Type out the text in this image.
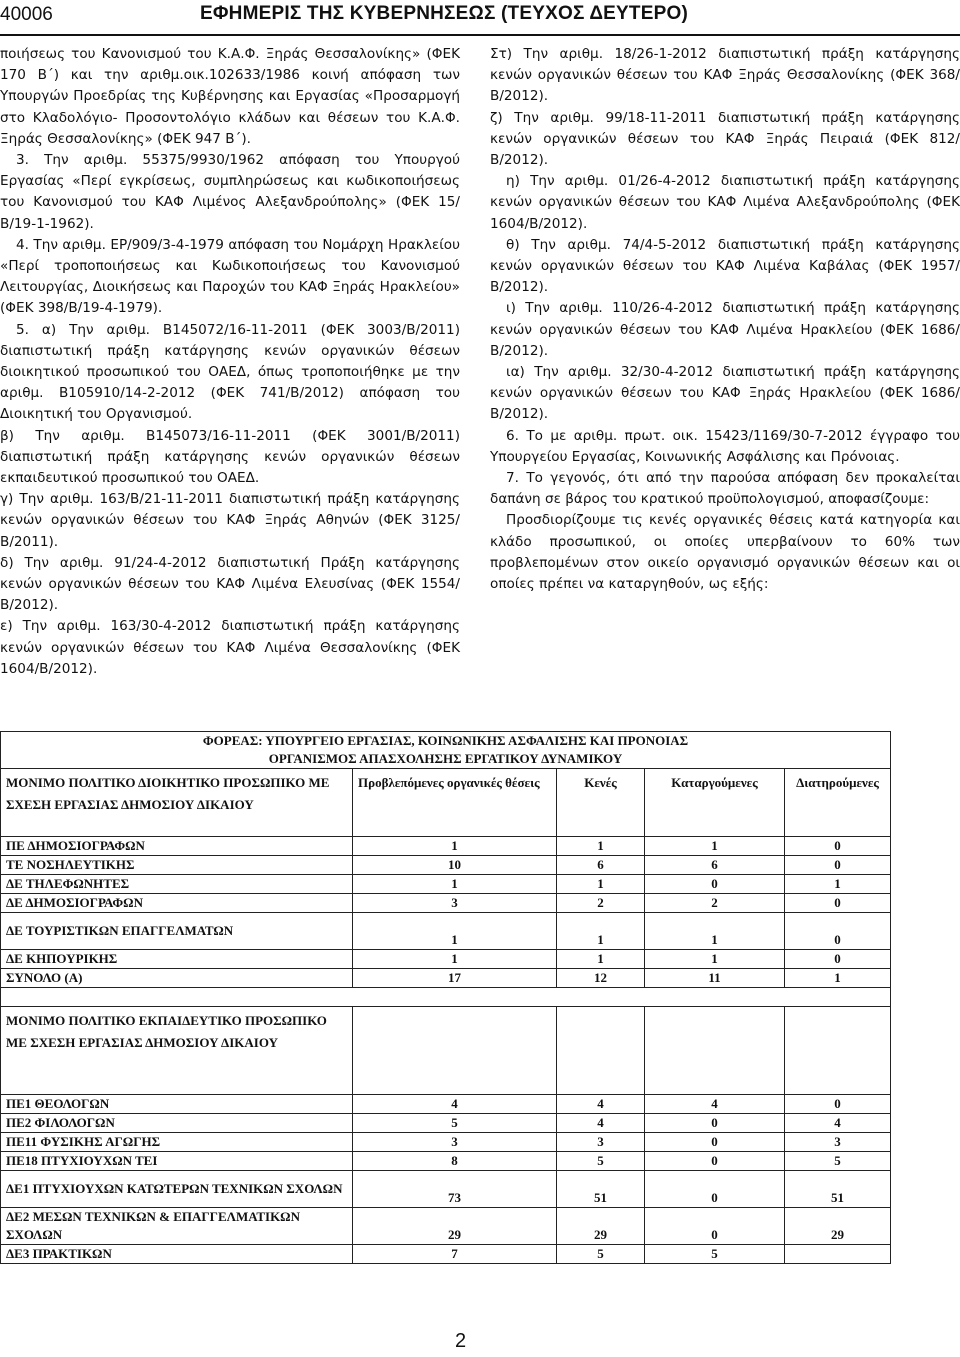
40006	ΕΦΗΜΕΡΙΣ ΤΗΣ ΚΥΒΕΡΝΗΣΕΩΣ (ΤΕΥΧΟΣ ΔΕΥΤΕΡΟ)

ποιήσεως του Κανονισμού του Κ.Α.Φ. Ξηράς Θεσσαλονίκης» (ΦΕΚ 170 Β΄) και την αριθμ.οικ.102633/1986 κοινή απόφαση των Υπουργών Προεδρίας της Κυβέρνησης και Εργασίας «Προσαρμογή στο Κλαδολόγιο- Προσοντολόγιο κλάδων και θέσεων του Κ.Α.Φ. Ξηράς Θεσσαλονίκης» (ΦΕΚ 947 Β΄).

3. Την αριθμ. 55375/9930/1962 απόφαση του Υπουργού Εργασίας «Περί εγκρίσεως, συμπληρώσεως και κωδικοποιήσεως του Κανονισμού του ΚΑΦ Λιμένος Αλεξανδρούπολης» (ΦΕΚ 15/Β/19-1-1962).

4. Την αριθμ. ΕΡ/909/3-4-1979 απόφαση του Νομάρχη Ηρακλείου «Περί τροποποιήσεως και Κωδικοποιήσεως του Κανονισμού Λειτουργίας, Διοικήσεως και Παροχών του ΚΑΦ Ξηράς Ηρακλείου» (ΦΕΚ 398/Β/19-4-1979).

5. α) Την αριθμ. Β145072/16-11-2011 (ΦΕΚ 3003/Β/2011) διαπιστωτική πράξη κατάργησης κενών οργανικών θέσεων διοικητικού προσωπικού του ΟΑΕΔ, όπως τροποποιήθηκε με την αριθμ. Β105910/14-2-2012 (ΦΕΚ 741/Β/2012) απόφαση του Διοικητική του Οργανισμού.

β) Την αριθμ. Β145073/16-11-2011 (ΦΕΚ 3001/Β/2011) διαπιστωτική πράξη κατάργησης κενών οργανικών θέσεων εκπαιδευτικού προσωπικού του ΟΑΕΔ.

γ) Την αριθμ. 163/Β/21-11-2011 διαπιστωτική πράξη κατάργησης κενών οργανικών θέσεων του ΚΑΦ Ξηράς Αθηνών (ΦΕΚ 3125/Β/2011).

δ) Την αριθμ. 91/24-4-2012 διαπιστωτική Πράξη κατάργησης κενών οργανικών θέσεων του ΚΑΦ Λιμένα Ελευσίνας (ΦΕΚ 1554/Β/2012).

ε) Την αριθμ. 163/30-4-2012 διαπιστωτική πράξη κατάργησης κενών οργανικών θέσεων του ΚΑΦ Λιμένα Θεσσαλονίκης (ΦΕΚ 1604/Β/2012).

Στ) Την αριθμ. 18/26-1-2012 διαπιστωτική πράξη κατάργησης κενών οργανικών θέσεων του ΚΑΦ Ξηράς Θεσσαλονίκης (ΦΕΚ 368/Β/2012).

ζ) Την αριθμ. 99/18-11-2011 διαπιστωτική πράξη κατάργησης κενών οργανικών θέσεων του ΚΑΦ Ξηράς Πειραιά (ΦΕΚ 812/Β/2012).

η) Την αριθμ. 01/26-4-2012 διαπιστωτική πράξη κατάργησης κενών οργανικών θέσεων του ΚΑΦ Λιμένα Αλεξανδρούπολης (ΦΕΚ 1604/Β/2012).

θ) Την αριθμ. 74/4-5-2012 διαπιστωτική πράξη κατάργησης κενών οργανικών θέσεων του ΚΑΦ Λιμένα Καβάλας (ΦΕΚ 1957/Β/2012).

ι) Την αριθμ. 110/26-4-2012 διαπιστωτική πράξη κατάργησης κενών οργανικών θέσεων του ΚΑΦ Λιμένα Ηρακλείου (ΦΕΚ 1686/Β/2012).

ια) Την αριθμ. 32/30-4-2012 διαπιστωτική πράξη κατάργησης κενών οργανικών θέσεων του ΚΑΦ Ξηράς Ηρακλείου (ΦΕΚ 1686/Β/2012).

6. Το με αριθμ. πρωτ. οικ. 15423/1169/30-7-2012 έγγραφο του Υπουργείου Εργασίας, Κοινωνικής Ασφάλισης και Πρόνοιας.

7. Το γεγονός, ότι από την παρούσα απόφαση δεν προκαλείται δαπάνη σε βάρος του κρατικού προϋπολογισμού, αποφασίζουμε:

Προσδιορίζουμε τις κενές οργανικές θέσεις κατά κατηγορία και κλάδο προσωπικού, οι οποίες υπερβαίνουν το 60% των προβλεπομένων στον οικείο οργανισμό οργανικών θέσεων και οι οποίες πρέπει να καταργηθούν, ως εξής:

ΦΟΡΕΑΣ: ΥΠΟΥΡΓΕΙΟ ΕΡΓΑΣΙΑΣ, ΚΟΙΝΩΝΙΚΗΣ ΑΣΦΑΛΙΣΗΣ ΚΑΙ ΠΡΟΝΟΙΑΣ
ΟΡΓΑΝΙΣΜΟΣ ΑΠΑΣΧΟΛΗΣΗΣ ΕΡΓΑΤΙΚΟΥ ΔΥΝΑΜΙΚΟΥ				

ΜΟΝΙΜΟ ΠΟΛΙΤΙΚΟ ΔΙΟΙΚΗΤΙΚΟ ΠΡΟΣΩΠΙΚΟ ΜΕ ΣΧΕΣΗ ΕΡΓΑΣΙΑΣ ΔΗΜΟΣΙΟΥ ΔΙΚΑΙΟΥ	Προβλεπόμενες οργανικές θέσεις	Κενές	Καταργούμενες	Διατηρούμενες
ΠΕ ΔΗΜΟΣΙΟΓΡΑΦΩΝ	1	1	1	0
ΤΕ ΝΟΣΗΛΕΥΤΙΚΗΣ	10	6	6	0
ΔΕ ΤΗΛΕΦΩΝΗΤΕΣ	1	1	0	1
ΔΕ ΔΗΜΟΣΙΟΓΡΑΦΩΝ	3	2	2	0
ΔΕ ΤΟΥΡΙΣΤΙΚΩΝ ΕΠΑΓΓΕΛΜΑΤΩΝ	1	1	1	0
ΔΕ ΚΗΠΟΥΡΙΚΗΣ	1	1	1	0
ΣΥΝΟΛΟ (Α)	17	12	11	1

ΜΟΝΙΜΟ ΠΟΛΙΤΙΚΟ ΕΚΠΑΙΔΕΥΤΙΚΟ ΠΡΟΣΩΠΙΚΟ ΜΕ ΣΧΕΣΗ ΕΡΓΑΣΙΑΣ ΔΗΜΟΣΙΟΥ ΔΙΚΑΙΟΥ				
ΠΕ1 ΘΕΟΛΟΓΩΝ	4	4	4	0
ΠΕ2 ΦΙΛΟΛΟΓΩΝ	5	4	0	4
ΠΕ11 ΦΥΣΙΚΗΣ ΑΓΩΓΗΣ	3	3	0	3
ΠΕ18 ΠΤΥΧΙΟΥΧΩΝ ΤΕΙ	8	5	0	5
ΔΕ1 ΠΤΥΧΙΟΥΧΩΝ ΚΑΤΩΤΕΡΩΝ ΤΕΧΝΙΚΩΝ ΣΧΟΛΩΝ	73	51	0	51
ΔΕ2 ΜΕΣΩΝ ΤΕΧΝΙΚΩΝ & ΕΠΑΓΓΕΛΜΑΤΙΚΩΝ ΣΧΟΛΩΝ	29	29	0	29
ΔΕ3 ΠΡΑΚΤΙΚΩΝ	7	5	5	
2
